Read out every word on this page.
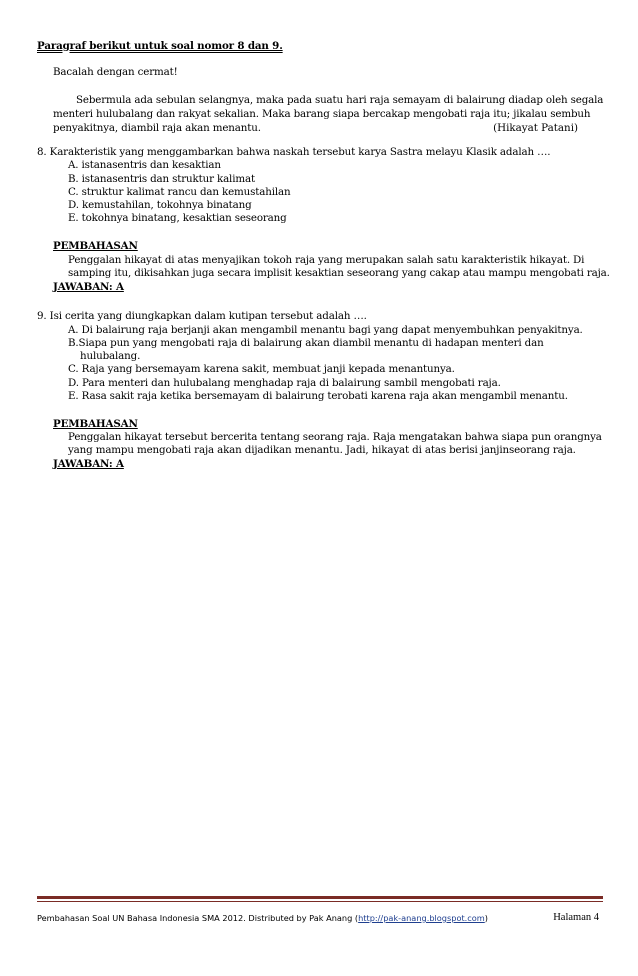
Paragraf berikut untuk soal nomor 8 dan 9.
Bacalah dengan cermat!
Sebermula ada sebulan selangnya, maka pada suatu hari raja semayam di balairung diadap oleh segala
menteri hulubalang dan rakyat sekalian. Maka barang siapa bercakap mengobati raja itu; jikalau sembuh
penyakitnya, diambil raja akan menantu.	(Hikayat Patani)
8. Karakteristik yang menggambarkan bahwa naskah tersebut karya Sastra melayu Klasik adalah ….
A. istanasentris dan kesaktian
B. istanasentris dan struktur kalimat
C. struktur kalimat rancu dan kemustahilan
D. kemustahilan, tokohnya binatang
E. tokohnya binatang, kesaktian seseorang
PEMBAHASAN
Penggalan hikayat di atas menyajikan tokoh raja yang merupakan salah satu karakteristik hikayat. Di
samping itu, dikisahkan juga secara implisit kesaktian seseorang yang cakap atau mampu mengobati raja.
JAWABAN: A
9. Isi cerita yang diungkapkan dalam kutipan tersebut adalah ….
A. Di balairung raja berjanji akan mengambil menantu bagi yang dapat menyembuhkan penyakitnya.
B.Siapa pun yang mengobati raja di balairung akan diambil menantu di hadapan menteri dan
hulubalang.
C. Raja yang bersemayam karena sakit, membuat janji kepada menantunya.
D. Para menteri dan hulubalang menghadap raja di balairung sambil mengobati raja.
E. Rasa sakit raja ketika bersemayam di balairung terobati karena raja akan mengambil menantu.
PEMBAHASAN
Penggalan hikayat tersebut bercerita tentang seorang raja. Raja mengatakan bahwa siapa pun orangnya
yang mampu mengobati raja akan dijadikan menantu. Jadi, hikayat di atas berisi janjinseorang raja.
JAWABAN: A
Pembahasan Soal UN Bahasa Indonesia SMA 2012. Distributed by Pak Anang (http://pak-anang.blogspot.com)	Halaman 4
